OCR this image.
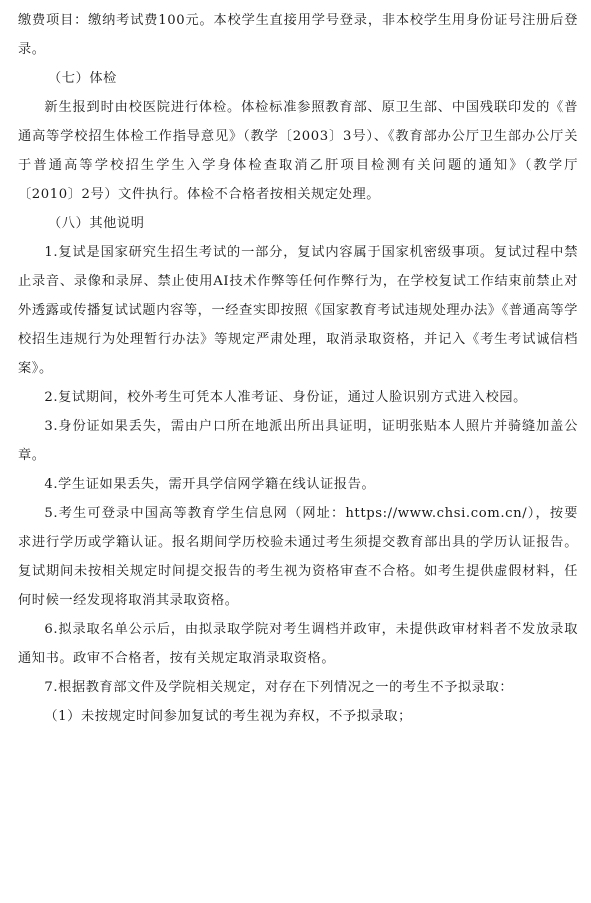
缴费项目：缴纳考试费100元。本校学生直接用学号登录，非本校学生用身份证号注册后登录。

（七）体检

新生报到时由校医院进行体检。体检标准参照教育部、原卫生部、中国残联印发的《普通高等学校招生体检工作指导意见》（教学〔2003〕3号）、《教育部办公厅卫生部办公厅关于普通高等学校招生学生入学身体检查取消乙肝项目检测有关问题的通知》（教学厅〔2010〕2号）文件执行。体检不合格者按相关规定处理。

（八）其他说明

1.复试是国家研究生招生考试的一部分，复试内容属于国家机密级事项。复试过程中禁止录音、录像和录屏、禁止使用AI技术作弊等任何作弊行为，在学校复试工作结束前禁止对外透露或传播复试试题内容等，一经查实即按照《国家教育考试违规处理办法》《普通高等学校招生违规行为处理暂行办法》等规定严肃处理，取消录取资格，并记入《考生考试诚信档案》。

2.复试期间，校外考生可凭本人准考证、身份证，通过人脸识别方式进入校园。

3.身份证如果丢失，需由户口所在地派出所出具证明，证明张贴本人照片并骑缝加盖公章。

4.学生证如果丢失，需开具学信网学籍在线认证报告。

5.考生可登录中国高等教育学生信息网（网址：https://www.chsi.com.cn/），按要求进行学历或学籍认证。报名期间学历校验未通过考生须提交教育部出具的学历认证报告。复试期间未按相关规定时间提交报告的考生视为资格审查不合格。如考生提供虚假材料，任何时候一经发现将取消其录取资格。

6.拟录取名单公示后，由拟录取学院对考生调档并政审，未提供政审材料者不发放录取通知书。政审不合格者，按有关规定取消录取资格。

7.根据教育部文件及学院相关规定，对存在下列情况之一的考生不予拟录取：

（1）未按规定时间参加复试的考生视为弃权，不予拟录取；
